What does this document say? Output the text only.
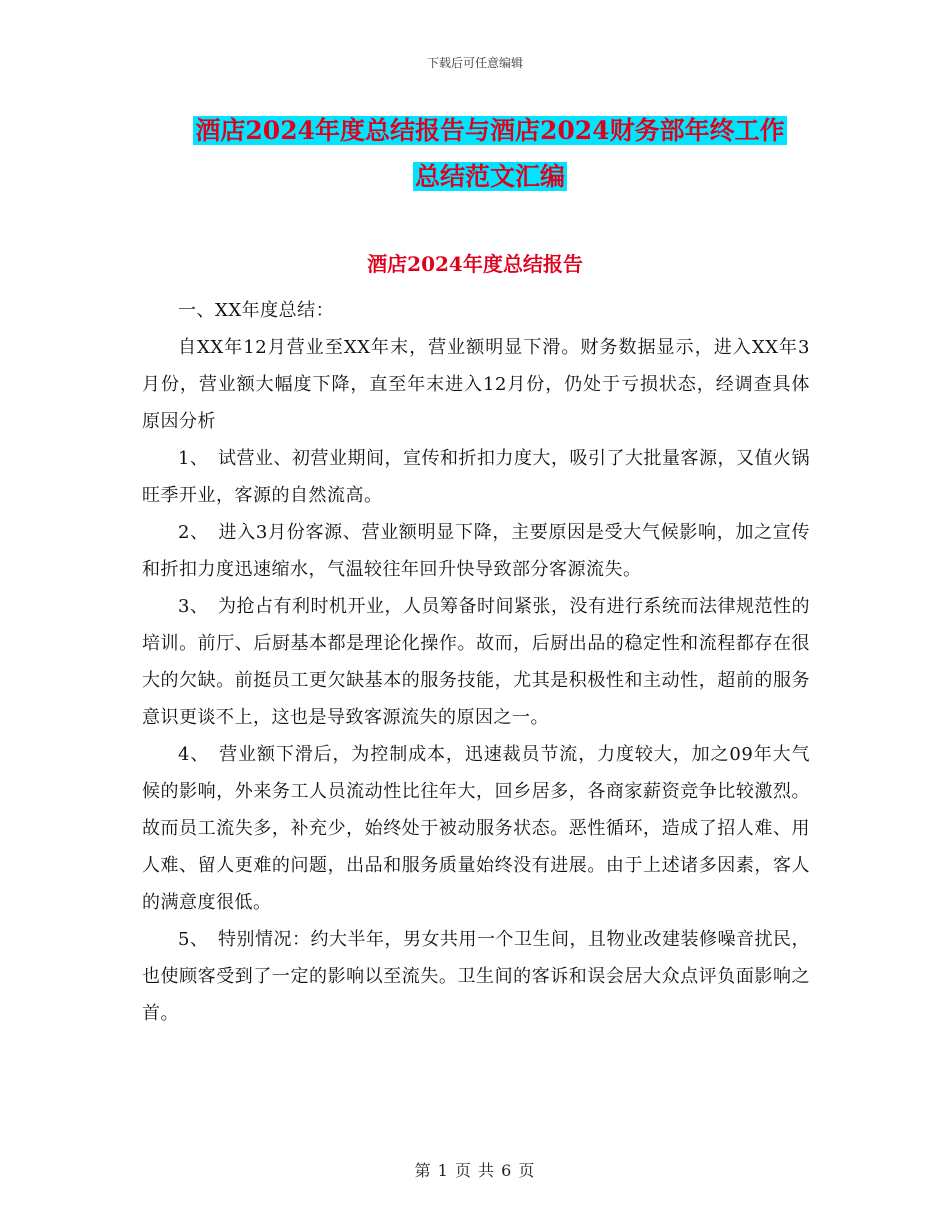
下载后可任意编辑
酒店2024年度总结报告与酒店2024财务部年终工作
总结范文汇编
酒店2024年度总结报告

一、XX年度总结：

自XX年12月营业至XX年末，营业额明显下滑。财务数据显示，进入XX年3月份，营业额大幅度下降，直至年末进入12月份，仍处于亏损状态，经调查具体原因分析

1、　试营业、初营业期间，宣传和折扣力度大，吸引了大批量客源，又值火锅旺季开业，客源的自然流高。

2、　进入3月份客源、营业额明显下降，主要原因是受大气候影响，加之宣传和折扣力度迅速缩水，气温较往年回升快导致部分客源流失。

3、　为抢占有利时机开业，人员筹备时间紧张，没有进行系统而法律规范性的培训。前厅、后厨基本都是理论化操作。故而，后厨出品的稳定性和流程都存在很大的欠缺。前挺员工更欠缺基本的服务技能，尤其是积极性和主动性，超前的服务意识更谈不上，这也是导致客源流失的原因之一。

4、　营业额下滑后，为控制成本，迅速裁员节流，力度较大，加之09年大气候的影响，外来务工人员流动性比往年大，回乡居多，各商家薪资竞争比较激烈。故而员工流失多，补充少，始终处于被动服务状态。恶性循环，造成了招人难、用人难、留人更难的问题，出品和服务质量始终没有进展。由于上述诸多因素，客人的满意度很低。

5、　特别情况：约大半年，男女共用一个卫生间，且物业改建装修噪音扰民，也使顾客受到了一定的影响以至流失。卫生间的客诉和误会居大众点评负面影响之首。

第 1 页 共 6 页
